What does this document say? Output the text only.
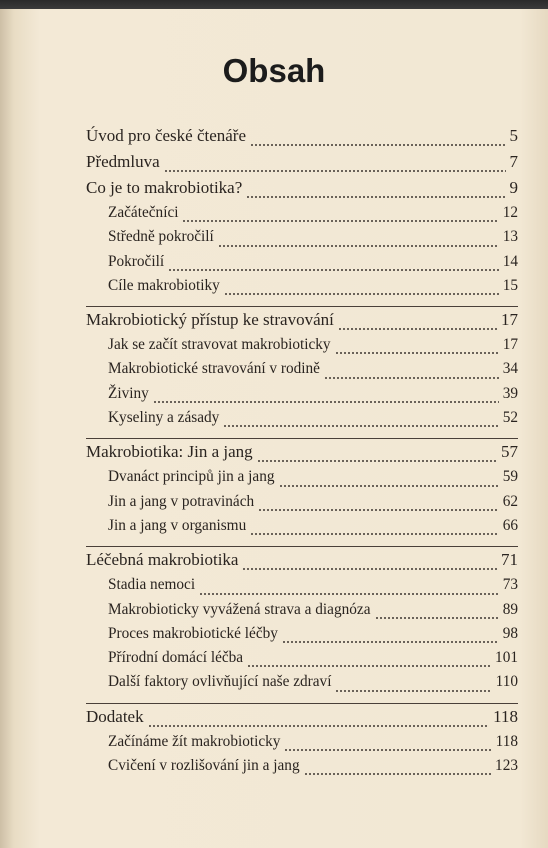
Obsah
Úvod pro české čtenáře	5
Předmluva	7
Co je to makrobiotika?	9
Začátečníci	12
Středně pokročilí	13
Pokročilí	14
Cíle makrobiotiky	15
Makrobiotický přístup ke stravování	17
Jak se začít stravovat makrobioticky	17
Makrobiotické stravování v rodině	34
Živiny	39
Kyseliny a zásady	52
Makrobiotika: Jin a jang	57
Dvanáct principů jin a jang	59
Jin a jang v potravinách	62
Jin a jang v organismu	66
Léčebná makrobiotika	71
Stadia nemoci	73
Makrobioticky vyvážená strava a diagnóza	89
Proces makrobiotické léčby	98
Přírodní domácí léčba	101
Další faktory ovlivňující naše zdraví	110
Dodatek	118
Začínáme žít makrobioticky	118
Cvičení v rozlišování jin a jang	123
